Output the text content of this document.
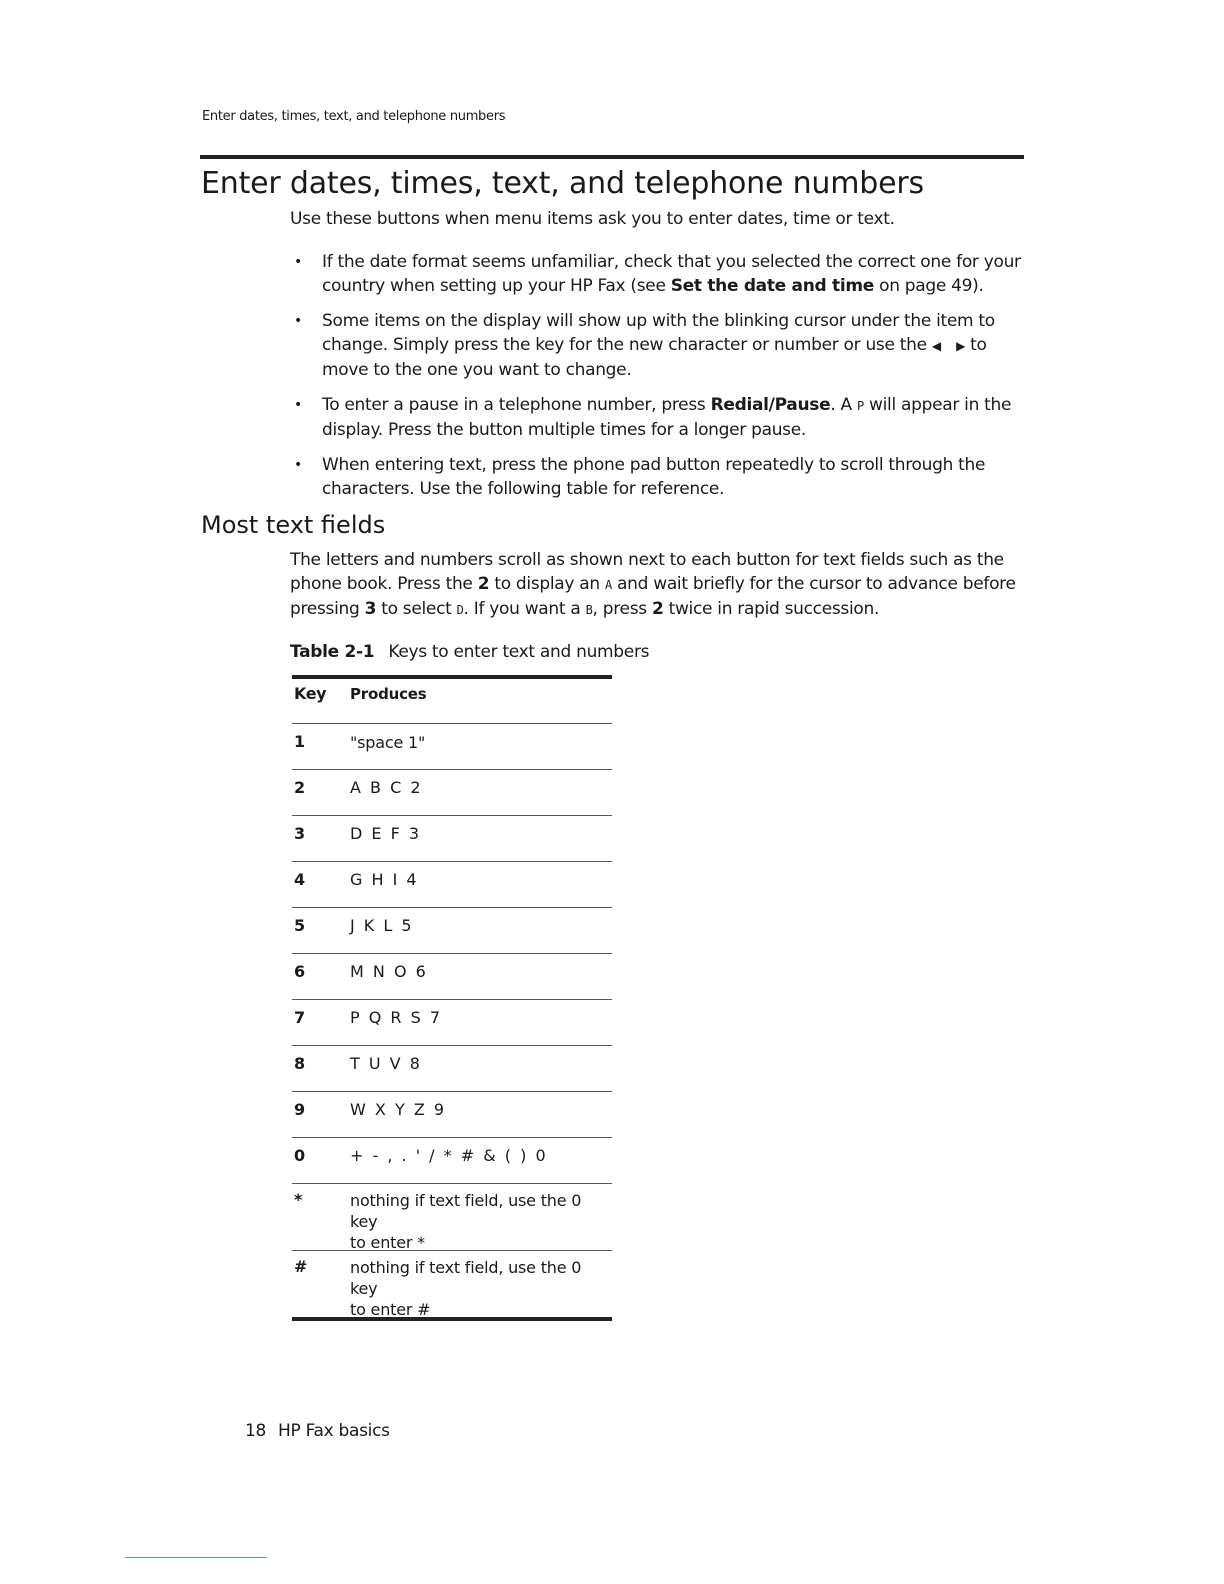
Enter dates, times, text, and telephone numbers
Enter dates, times, text, and telephone numbers
Use these buttons when menu items ask you to enter dates, time or text.
• If the date format seems unfamiliar, check that you selected the correct one for your country when setting up your HP Fax (see Set the date and time on page 49).
• Some items on the display will show up with the blinking cursor under the item to change. Simply press the key for the new character or number or use the ◀ ▶ to move to the one you want to change.
• To enter a pause in a telephone number, press Redial/Pause. A P will appear in the display. Press the button multiple times for a longer pause.
• When entering text, press the phone pad button repeatedly to scroll through the characters. Use the following table for reference.
Most text fields
The letters and numbers scroll as shown next to each button for text fields such as the phone book. Press the 2 to display an A and wait briefly for the cursor to advance before pressing 3 to select D. If you want a B, press 2 twice in rapid succession.
Table 2-1 Keys to enter text and numbers
Key	Produces
1	"space 1"
2	A B C 2
3	D E F 3
4	G H I 4
5	J K L 5
6	M N O 6
7	P Q R S 7
8	T U V 8
9	W X Y Z 9
0	+ - , . ' / * # & ( ) 0
*	nothing if text field, use the 0 key
to enter *
#	nothing if text field, use the 0 key
to enter #
18 HP Fax basics
